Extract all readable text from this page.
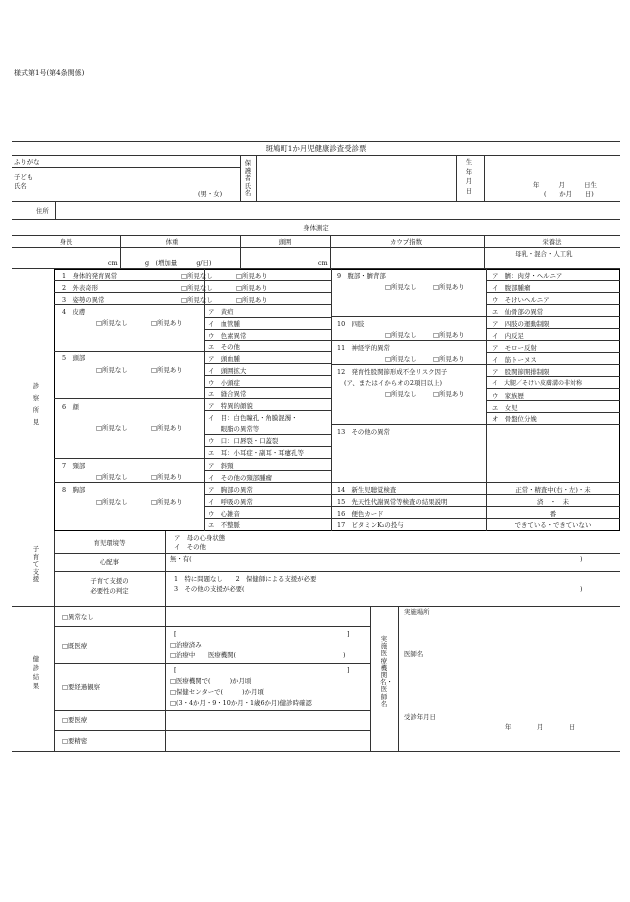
様式第1号(第4条関係)
斑鳩町1か月児健康診査受診票
ふりがな
子ども
氏名
(男・女)
保護者氏名
生年月日
年　　　月　　　日生
(　　か月　　日)
住所
身体測定
身長	体重	頭囲	カウプ指数	栄養法
cm	g　(増加量　　　g/日)	cm
母乳・混合・人工乳
診察所見
1　 身体的発育異常	□所見なし	□所見あり
2　 外表奇形	□所見なし	□所見あり
3　 姿勢の異常	□所見なし	□所見あり
4　 皮膚
□所見なし	□所見あり
ア　黄疸
イ　血管腫
ウ　色素異常
エ　その他
5　 頭部
□所見なし	□所見あり
ア　頭血腫
イ　頭囲拡大
ウ　小頭症
エ　縫合異常
6　 顔
□所見なし	□所見あり
ア　特異的顔貌
イ　目：白色瞳孔・角膜混濁・
　　眼脂の異常等
ウ　口：口唇裂・口蓋裂
エ　耳：小耳症・副耳・耳瘻孔等
7　 頸部
□所見なし	□所見あり
ア　斜頸
イ　その他の頸部腫瘤
8　 胸部
□所見なし	□所見あり
ア　胸部の異常
イ　呼吸の異常
ウ　心雑音
エ　不整脈
9　 腹部・臍背部
□所見なし	□所見あり
ア　臍：肉芽・ヘルニア
イ　腹部腫瘤
ウ　そけいヘルニア
エ　仙骨部の異常
10　 四肢
□所見なし	□所見あり
ア　四肢の運動制限
イ　内反足
11　 神経学的異常
□所見なし	□所見あり
ア　モロー反射
イ　筋トーヌス
12　 発育性股関節形成不全リスク因子
(ア、またはイからオの2項目以上)
□所見なし	□所見あり
ア　股関節開排制限
イ　大腿／そけい皮膚溝の非対称
ウ　家族歴
エ　女児
オ　骨盤位分娩
13　 その他の異常
14　 新生児聴覚検査	正常・精査中(右・左)・未
15　 先天性代謝異常等検査の結果説明	済　・　未
16　 便色カード	番
17　 ビタミンK₂の投与	できている・できていない
子育て支援
育児環境等
ア　母の心身状態
イ　その他
心配事	無・有(	)
子育て支援の
必要性の判定
1　特に問題なし　　2　保健師による支援が必要
3　その他の支援が必要(	)
健診結果
□異常なし
□既医療
[	]
□治療済み
□治療中　　医療機関(	)
□要経過観察
[	]
□医療機関で(　　　)か月頃
□保健センターで(　　　)か月頃
□(3・4か月・9・10か月・1歳6か月)健診時確認
□要医療
□要精密
実施医療機関名・医師名
実施場所
医師名
受診年月日
年　　　　月　　　　日
